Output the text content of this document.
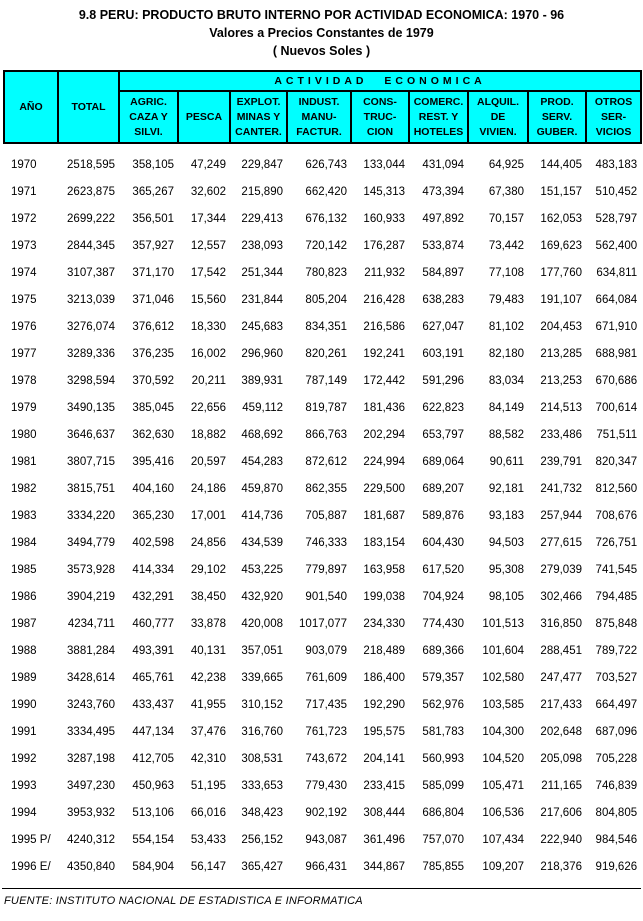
9.8 PERU: PRODUCTO BRUTO INTERNO POR ACTIVIDAD ECONOMICA: 1970 - 96
Valores a Precios Constantes de 1979
( Nuevos Soles )
AÑO	TOTAL	ACTIVIDAD ECONOMICA								
		AGRIC.
CAZA Y
SILVI.	PESCA	EXPLOT.
MINAS Y
CANTER.	INDUST.
MANU-
FACTUR.	CONS-
TRUC-
CION	COMERC.
REST. Y
HOTELES	ALQUIL.
DE
VIVIEN.	PROD.
SERV.
GUBER.	OTROS
SER-
VICIOS

1970	2518,595	358,105	47,249	229,847	626,743	133,044	431,094	64,925	144,405	483,183
1971	2623,875	365,267	32,602	215,890	662,420	145,313	473,394	67,380	151,157	510,452
1972	2699,222	356,501	17,344	229,413	676,132	160,933	497,892	70,157	162,053	528,797
1973	2844,345	357,927	12,557	238,093	720,142	176,287	533,874	73,442	169,623	562,400
1974	3107,387	371,170	17,542	251,344	780,823	211,932	584,897	77,108	177,760	634,811
1975	3213,039	371,046	15,560	231,844	805,204	216,428	638,283	79,483	191,107	664,084
1976	3276,074	376,612	18,330	245,683	834,351	216,586	627,047	81,102	204,453	671,910
1977	3289,336	376,235	16,002	296,960	820,261	192,241	603,191	82,180	213,285	688,981
1978	3298,594	370,592	20,211	389,931	787,149	172,442	591,296	83,034	213,253	670,686
1979	3490,135	385,045	22,656	459,112	819,787	181,436	622,823	84,149	214,513	700,614
1980	3646,637	362,630	18,882	468,692	866,763	202,294	653,797	88,582	233,486	751,511
1981	3807,715	395,416	20,597	454,283	872,612	224,994	689,064	90,611	239,791	820,347
1982	3815,751	404,160	24,186	459,870	862,355	229,500	689,207	92,181	241,732	812,560
1983	3334,220	365,230	17,001	414,736	705,887	181,687	589,876	93,183	257,944	708,676
1984	3494,779	402,598	24,856	434,539	746,333	183,154	604,430	94,503	277,615	726,751
1985	3573,928	414,334	29,102	453,225	779,897	163,958	617,520	95,308	279,039	741,545
1986	3904,219	432,291	38,450	432,920	901,540	199,038	704,924	98,105	302,466	794,485
1987	4234,711	460,777	33,878	420,008	1017,077	234,330	774,430	101,513	316,850	875,848
1988	3881,284	493,391	40,131	357,051	903,079	218,489	689,366	101,604	288,451	789,722
1989	3428,614	465,761	42,238	339,665	761,609	186,400	579,357	102,580	247,477	703,527
1990	3243,760	433,437	41,955	310,152	717,435	192,290	562,976	103,585	217,433	664,497
1991	3334,495	447,134	37,476	316,760	761,723	195,575	581,783	104,300	202,648	687,096
1992	3287,198	412,705	42,310	308,531	743,672	204,141	560,993	104,520	205,098	705,228
1993	3497,230	450,963	51,195	333,653	779,430	233,415	585,099	105,471	211,165	746,839
1994	3953,932	513,106	66,016	348,423	902,192	308,444	686,804	106,536	217,606	804,805
1995 P/	4240,312	554,154	53,433	256,152	943,087	361,496	757,070	107,434	222,940	984,546
1996 E/	4350,840	584,904	56,147	365,427	966,431	344,867	785,855	109,207	218,376	919,626
FUENTE: INSTITUTO NACIONAL DE ESTADISTICA E INFORMATICA
